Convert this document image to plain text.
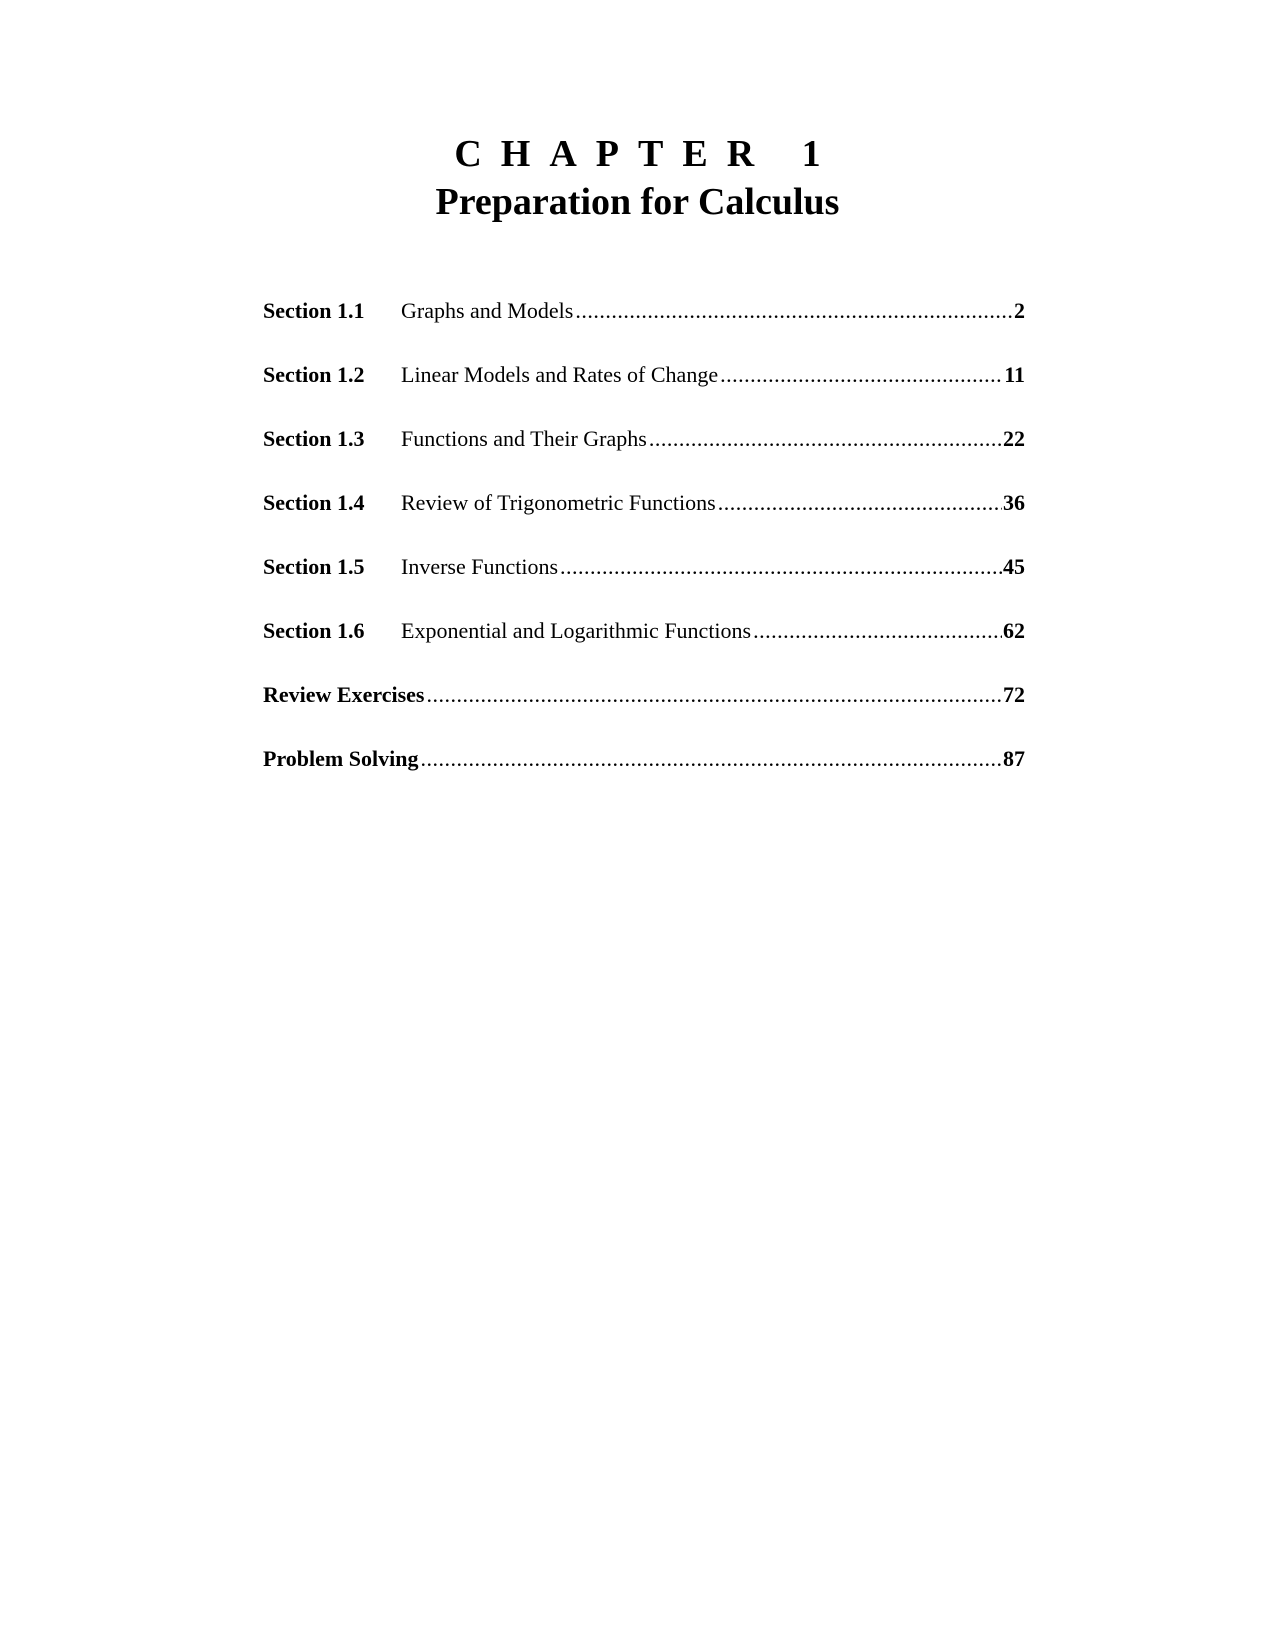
CHAPTER 1
Preparation for Calculus
Section 1.1	Graphs and Models .....	2
Section 1.2	Linear Models and Rates of Change .....	11
Section 1.3	Functions and Their Graphs .....	22
Section 1.4	Review of Trigonometric Functions .....	36
Section 1.5	Inverse Functions .....	45
Section 1.6	Exponential and Logarithmic Functions .....	62
Review Exercises .....	72
Problem Solving .....	87
